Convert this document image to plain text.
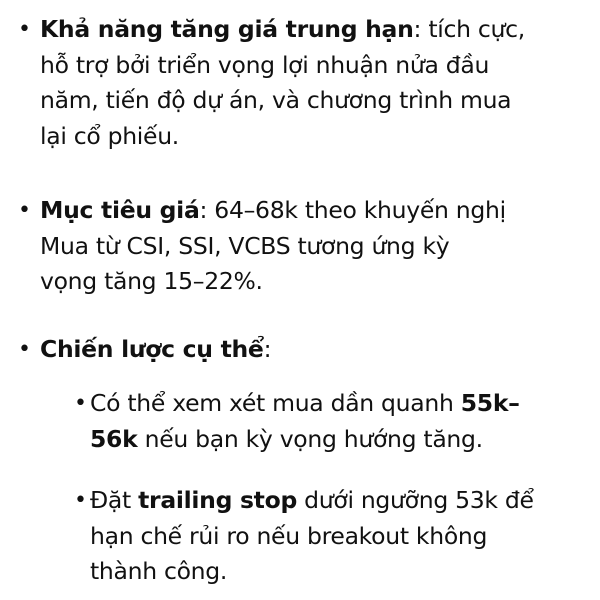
• Khả năng tăng giá trung hạn: tích cực,
hỗ trợ bởi triển vọng lợi nhuận nửa đầu
năm, tiến độ dự án, và chương trình mua
lại cổ phiếu.
• Mục tiêu giá: 64–68k theo khuyến nghị
Mua từ CSI, SSI, VCBS tương ứng kỳ
vọng tăng 15–22%.
• Chiến lược cụ thể:
• Có thể xem xét mua dần quanh 55k–
56k nếu bạn kỳ vọng hướng tăng.
• Đặt trailing stop dưới ngưỡng 53k để
hạn chế rủi ro nếu breakout không
thành công.
